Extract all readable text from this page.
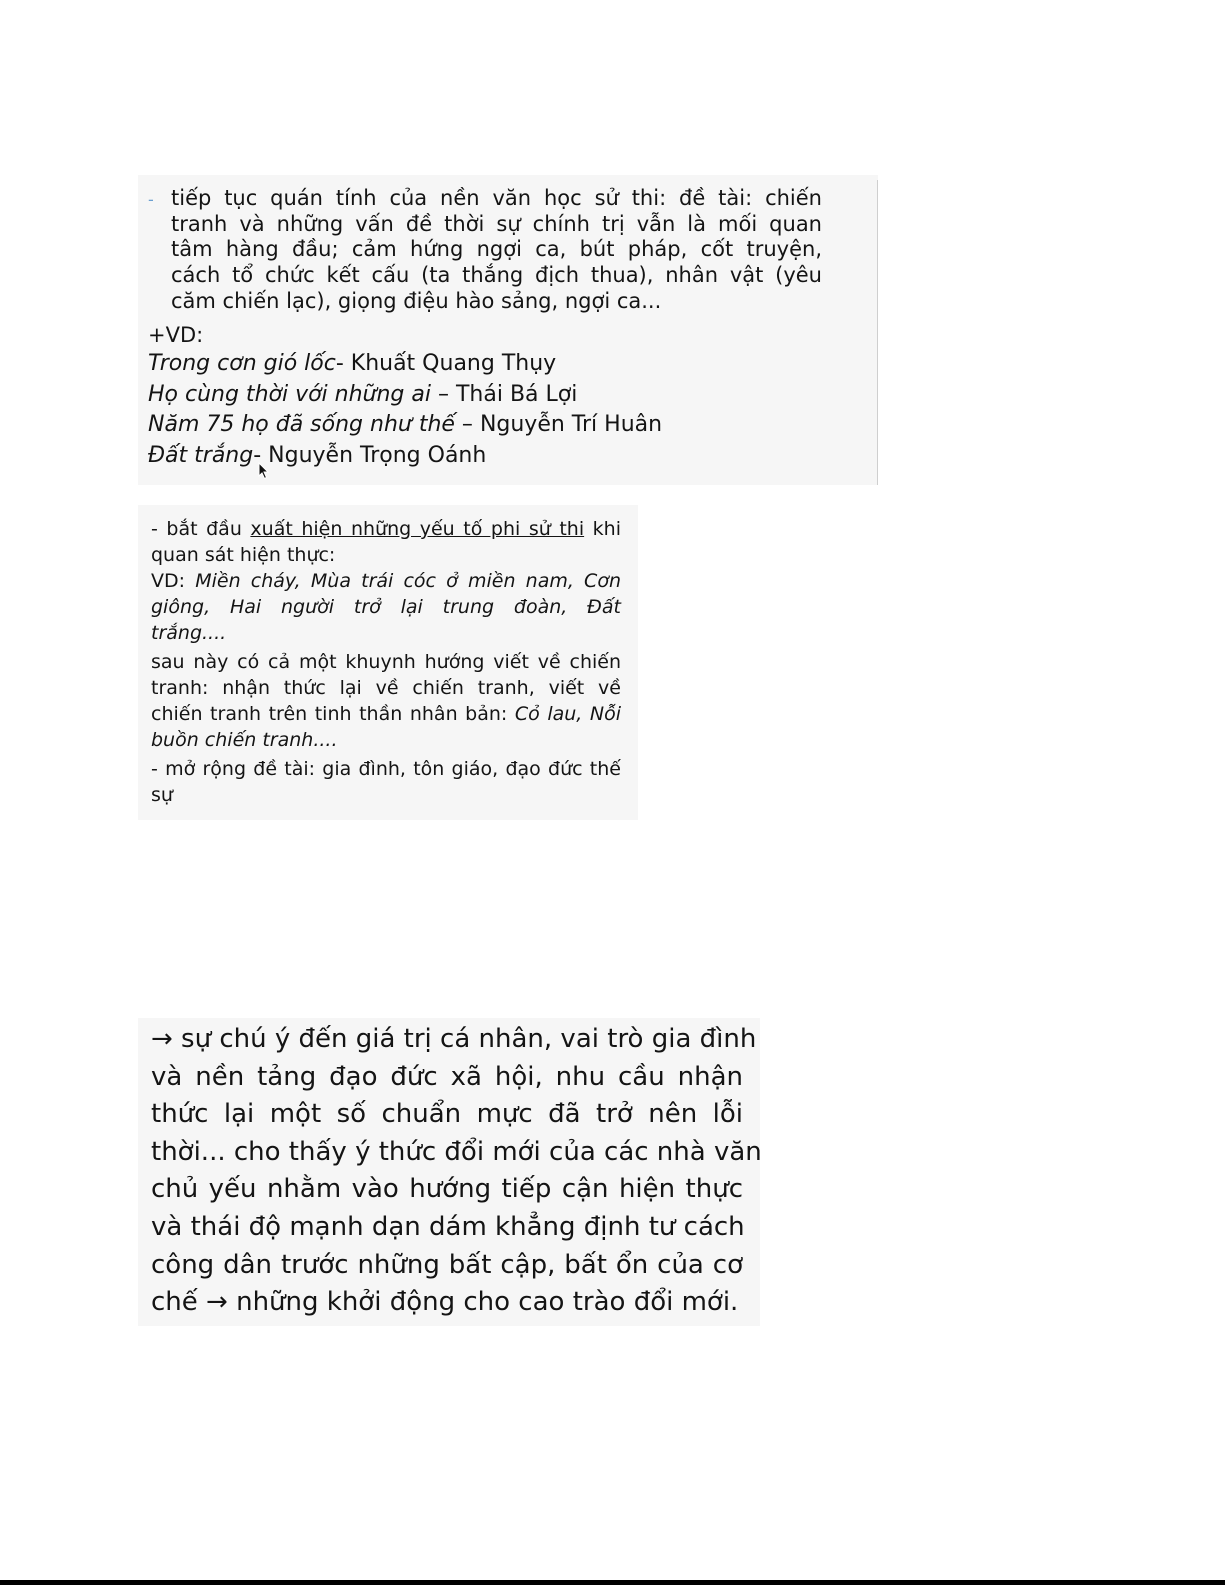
- tiếp tục quán tính của nền văn học sử thi: đề tài: chiến
tranh và những vấn đề thời sự chính trị vẫn là mối quan
tâm hàng đầu; cảm hứng ngợi ca, bút pháp, cốt truyện,
cách tổ chức kết cấu (ta thắng địch thua), nhân vật (yêu
căm chiến lạc), giọng điệu hào sảng, ngợi ca...
+VD:
Trong cơn gió lốc- Khuất Quang Thụy
Họ cùng thời với những ai – Thái Bá Lợi
Năm 75 họ đã sống như thế – Nguyễn Trí Huân
Đất trắng- Nguyễn Trọng Oánh
- bắt đầu xuất hiện những yếu tố phi sử thi khi
quan sát hiện thực:
VD: Miền cháy, Mùa trái cóc ở miền nam, Cơn
giông, Hai người trở lại trung đoàn, Đất
trắng....
sau này có cả một khuynh hướng viết về chiến
tranh: nhận thức lại về chiến tranh, viết về
chiến tranh trên tinh thần nhân bản: Cỏ lau, Nỗi
buồn chiến tranh....
- mở rộng đề tài: gia đình, tôn giáo, đạo đức thế
sự
→ sự chú ý đến giá trị cá nhân, vai trò gia đình
và nền tảng đạo đức xã hội, nhu cầu nhận
thức lại một số chuẩn mực đã trở nên lỗi
thời... cho thấy ý thức đổi mới của các nhà văn
chủ yếu nhằm vào hướng tiếp cận hiện thực
và thái độ mạnh dạn dám khẳng định tư cách
công dân trước những bất cập, bất ổn của cơ
chế → những khởi động cho cao trào đổi mới.
